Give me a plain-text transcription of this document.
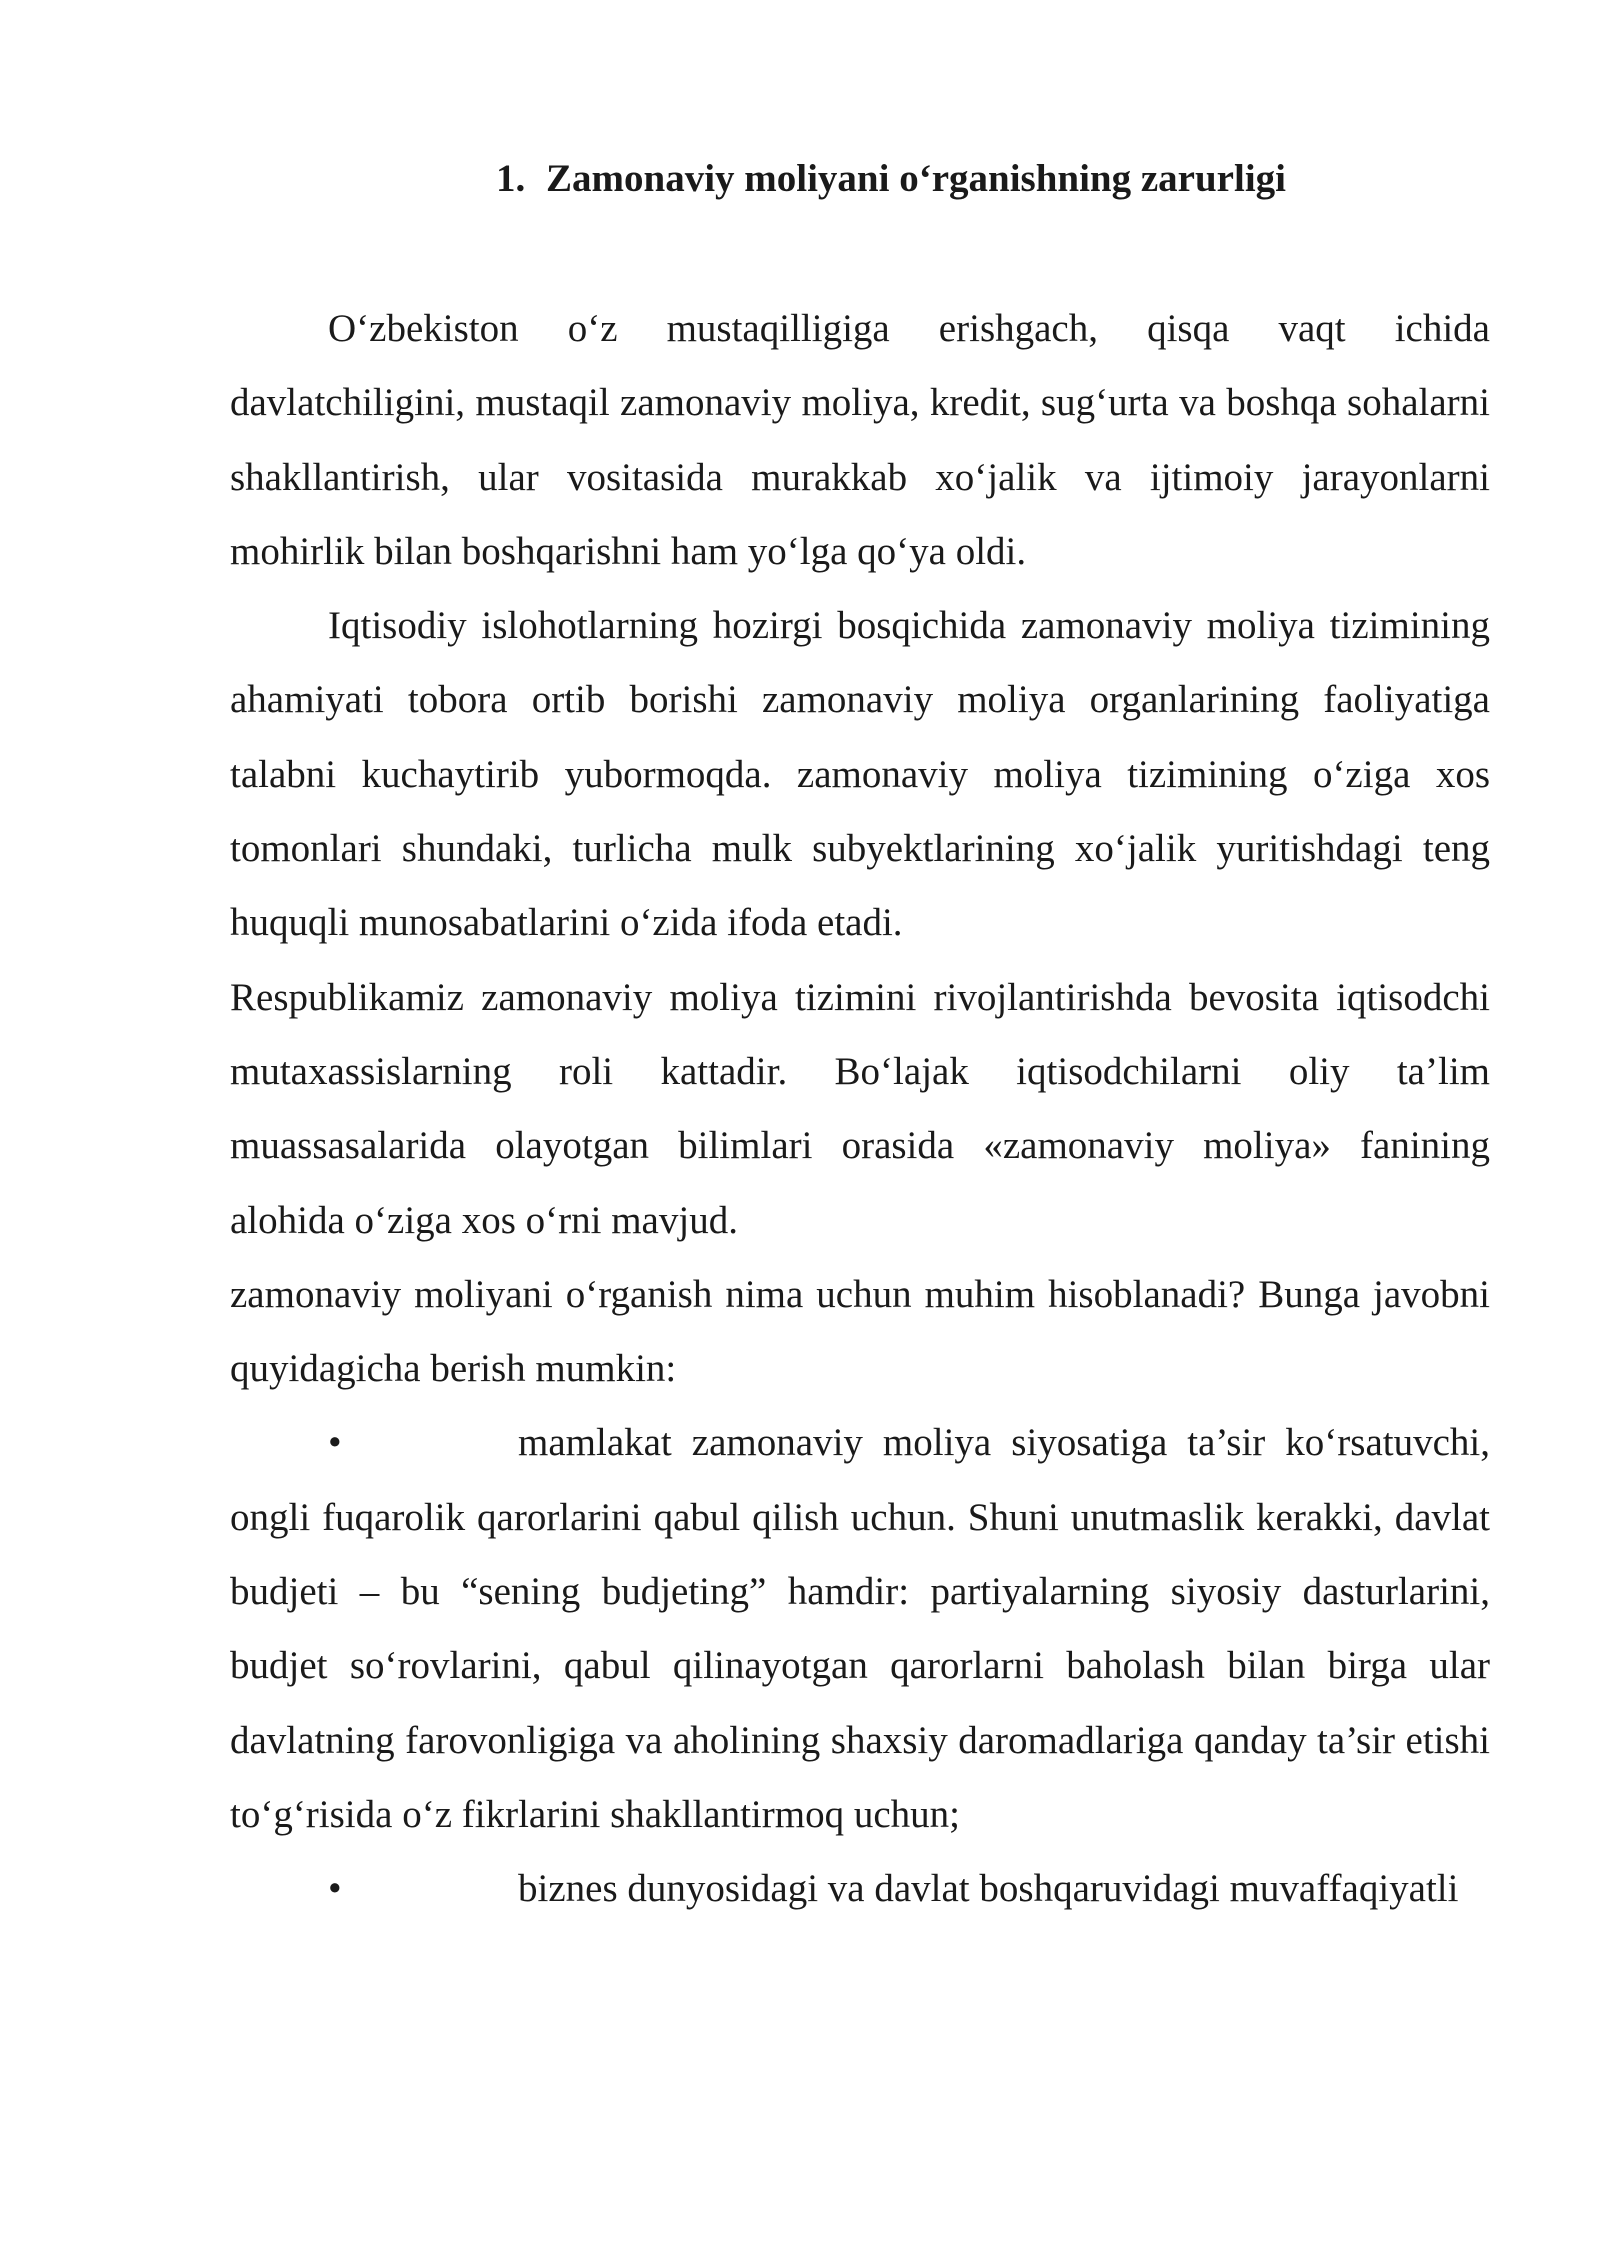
1. Zamonaviy moliyani o‘rganishning zarurligi

O‘zbekiston o‘z mustaqilligiga erishgach, qisqa vaqt ichida davlatchiligini, mustaqil zamonaviy moliya, kredit, sug‘urta va boshqa sohalarni shakllantirish, ular vositasida murakkab xo‘jalik va ijtimoiy jarayonlarni mohirlik bilan boshqarishni ham yo‘lga qo‘ya oldi.

Iqtisodiy islohotlarning hozirgi bosqichida zamonaviy moliya tizimining ahamiyati tobora ortib borishi zamonaviy moliya organlarining faoliyatiga talabni kuchaytirib yubormoqda. zamonaviy moliya tizimining o‘ziga xos tomonlari shundaki, turlicha mulk subyektlarining xo‘jalik yuritishdagi teng huquqli munosabatlarini o‘zida ifoda etadi.

Respublikamiz zamonaviy moliya tizimini rivojlantirishda bevosita iqtisodchi mutaxassislarning roli kattadir. Bo‘lajak iqtisodchilarni oliy ta’lim muassasalarida olayotgan bilimlari orasida «zamonaviy moliya» fanining alohida o‘ziga xos o‘rni mavjud.

zamonaviy moliyani o‘rganish nima uchun muhim hisoblanadi? Bunga javobni quyidagicha berish mumkin:

•	mamlakat zamonaviy moliya siyosatiga ta’sir ko‘rsatuvchi, ongli fuqarolik qarorlarini qabul qilish uchun. Shuni unutmaslik kerakki, davlat budjeti – bu “sening budjeting” hamdir: partiyalarning siyosiy dasturlarini, budjet so‘rovlarini, qabul qilinayotgan qarorlarni baholash bilan birga ular davlatning farovonligiga va aholining shaxsiy daromadlariga qanday ta’sir etishi to‘g‘risida o‘z fikrlarini shakllantirmoq uchun;

•	biznes dunyosidagi va davlat boshqaruvidagi muvaffaqiyatli
